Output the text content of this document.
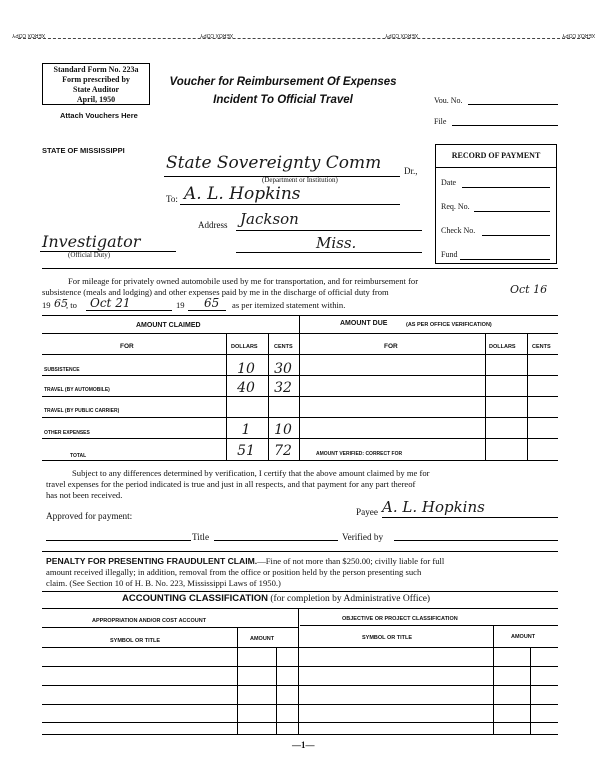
XEROX COPY	XEROX COPY	XEROX COPY	XEROX COPY
Standard Form No. 223a
Form prescribed by
State Auditor
April, 1950
Voucher for Reimbursement Of Expenses
Incident To Official Travel	Vou. No.
File
Attach Vouchers Here
STATE OF MISSISSIPPI
State Sovereignty Comm	Dr.,
(Department or Institution)
To: A. L. Hopkins
Address Jackson
Miss.
Investigator
(Official Duty)
RECORD OF PAYMENT
Date
Req. No.
Check No.
Fund
For mileage for privately owned automobile used by me for transportation, and for reimbursement for
subsistence (meals and lodging) and other expenses paid by me in the discharge of official duty from	Oct 16
19 65
, to Oct 21	19 65 as per itemized statement within.
AMOUNT CLAIMED	AMOUNT DUE	(AS PER OFFICE VERIFICATION)
FOR	DOLLARS	CENTS	FOR	DOLLARS	CENTS
SUBSISTENCE	10 30
TRAVEL (BY AUTOMOBILE)	40 32
TRAVEL (BY PUBLIC CARRIER)
OTHER EXPENSES	1	10
TOTAL	51 72	AMOUNT VERIFIED: CORRECT FOR
Subject to any differences determined by verification, I certify that the above amount claimed by me for
travel expenses for the period indicated is true and just in all respects, and that payment for any part thereof
has not been received.
Approved for payment:	Payee A. L. Hopkins
Title	Verified by
PENALTY FOR PRESENTING FRAUDULENT CLAIM.—Fine of not more than $250.00; civilly liable for full
amount received illegally; in addition, removal from the office or position held by the person presenting such
claim. (See Section 10 of H. B. No. 223, Mississippi Laws of 1950.)
ACCOUNTING CLASSIFICATION (for completion by Administrative Office)
APPROPRIATION AND/OR COST ACCOUNT	OBJECTIVE OR PROJECT CLASSIFICATION
SYMBOL OR TITLE	AMOUNT	SYMBOL OR TITLE	AMOUNT
—1—
